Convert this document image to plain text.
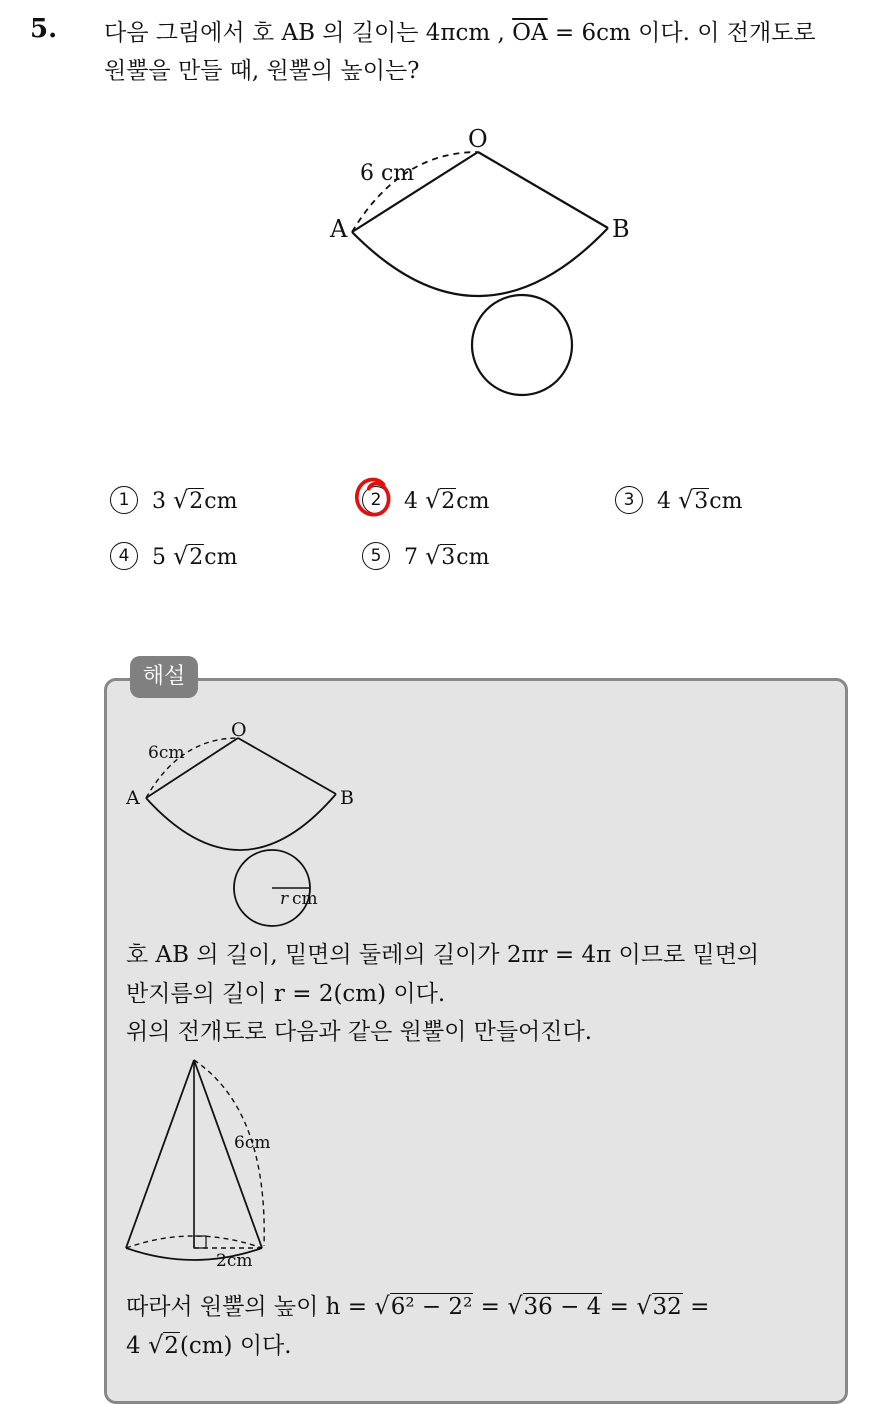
5. 다음 그림에서 호 AB 의 길이는 4πcm , $\overline{OA} = 6cm$ 이다. 이 전개도로
원뿔을 만들 때, 원뿔의 높이는?
O
A	B
6 cm
1 3 √2cm	2 4 √2cm	3 4 √3cm
4 5 √2cm	5 7 √3cm
해설
O
A	B
6cm
r cm
호 AB 의 길이, 밑면의 둘레의 길이가 2πr = 4π 이므로 밑면의
반지름의 길이 r = 2(cm) 이다.
위의 전개도로 다음과 같은 원뿔이 만들어진다.
6cm
2cm
따라서 원뿔의 높이 h = √6² − 2² = √36 − 4 = √32 =
4 √2(cm) 이다.
